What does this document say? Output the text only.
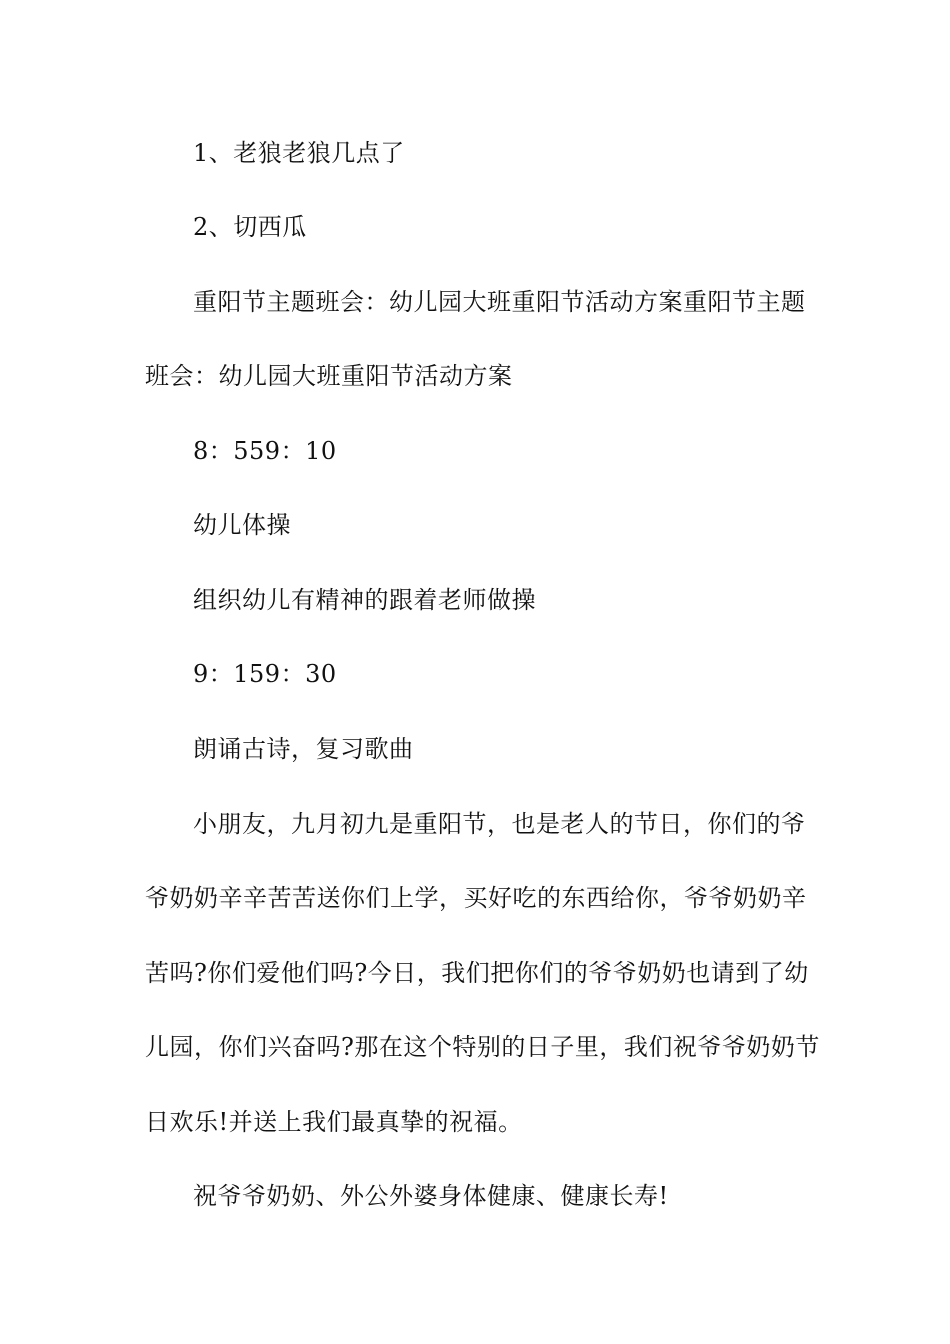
1、老狼老狼几点了
2、切西瓜
重阳节主题班会：幼儿园大班重阳节活动方案重阳节主题
班会：幼儿园大班重阳节活动方案
8：559：10
幼儿体操
组织幼儿有精神的跟着老师做操
9：159：30
朗诵古诗，复习歌曲
小朋友，九月初九是重阳节，也是老人的节日，你们的爷
爷奶奶辛辛苦苦送你们上学，买好吃的东西给你，爷爷奶奶辛
苦吗?你们爱他们吗?今日，我们把你们的爷爷奶奶也请到了幼
儿园，你们兴奋吗?那在这个特别的日子里，我们祝爷爷奶奶节
日欢乐!并送上我们最真挚的祝福。
祝爷爷奶奶、外公外婆身体健康、健康长寿!
